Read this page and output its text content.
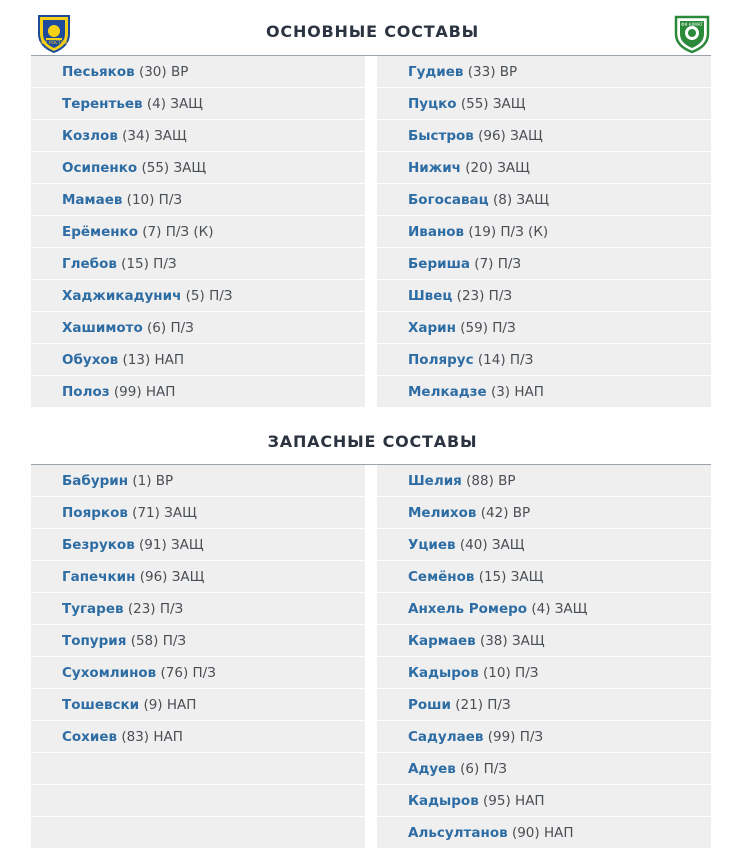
ФК РОСТОВ
ФК АХМАТ
ОСНОВНЫЕ СОСТАВЫ
Песьяков (30) ВР
Терентьев (4) ЗАЩ
Козлов (34) ЗАЩ
Осипенко (55) ЗАЩ
Мамаев (10) П/З
Ерёменко (7) П/З (К)
Глебов (15) П/З
Хаджикадунич (5) П/З
Хашимото (6) П/З
Обухов (13) НАП
Полоз (99) НАП
Гудиев (33) ВР
Пуцко (55) ЗАЩ
Быстров (96) ЗАЩ
Нижич (20) ЗАЩ
Богосавац (8) ЗАЩ
Иванов (19) П/З (К)
Бериша (7) П/З
Швец (23) П/З
Харин (59) П/З
Полярус (14) П/З
Мелкадзе (3) НАП
ЗАПАСНЫЕ СОСТАВЫ
Бабурин (1) ВР
Поярков (71) ЗАЩ
Безруков (91) ЗАЩ
Гапечкин (96) ЗАЩ
Тугарев (23) П/З
Топурия (58) П/З
Сухомлинов (76) П/З
Тошевски (9) НАП
Сохиев (83) НАП
Шелия (88) ВР
Мелихов (42) ВР
Уциев (40) ЗАЩ
Семёнов (15) ЗАЩ
Анхель Ромеро (4) ЗАЩ
Кармаев (38) ЗАЩ
Кадыров (10) П/З
Роши (21) П/З
Садулаев (99) П/З
Адуев (6) П/З
Кадыров (95) НАП
Альсултанов (90) НАП
